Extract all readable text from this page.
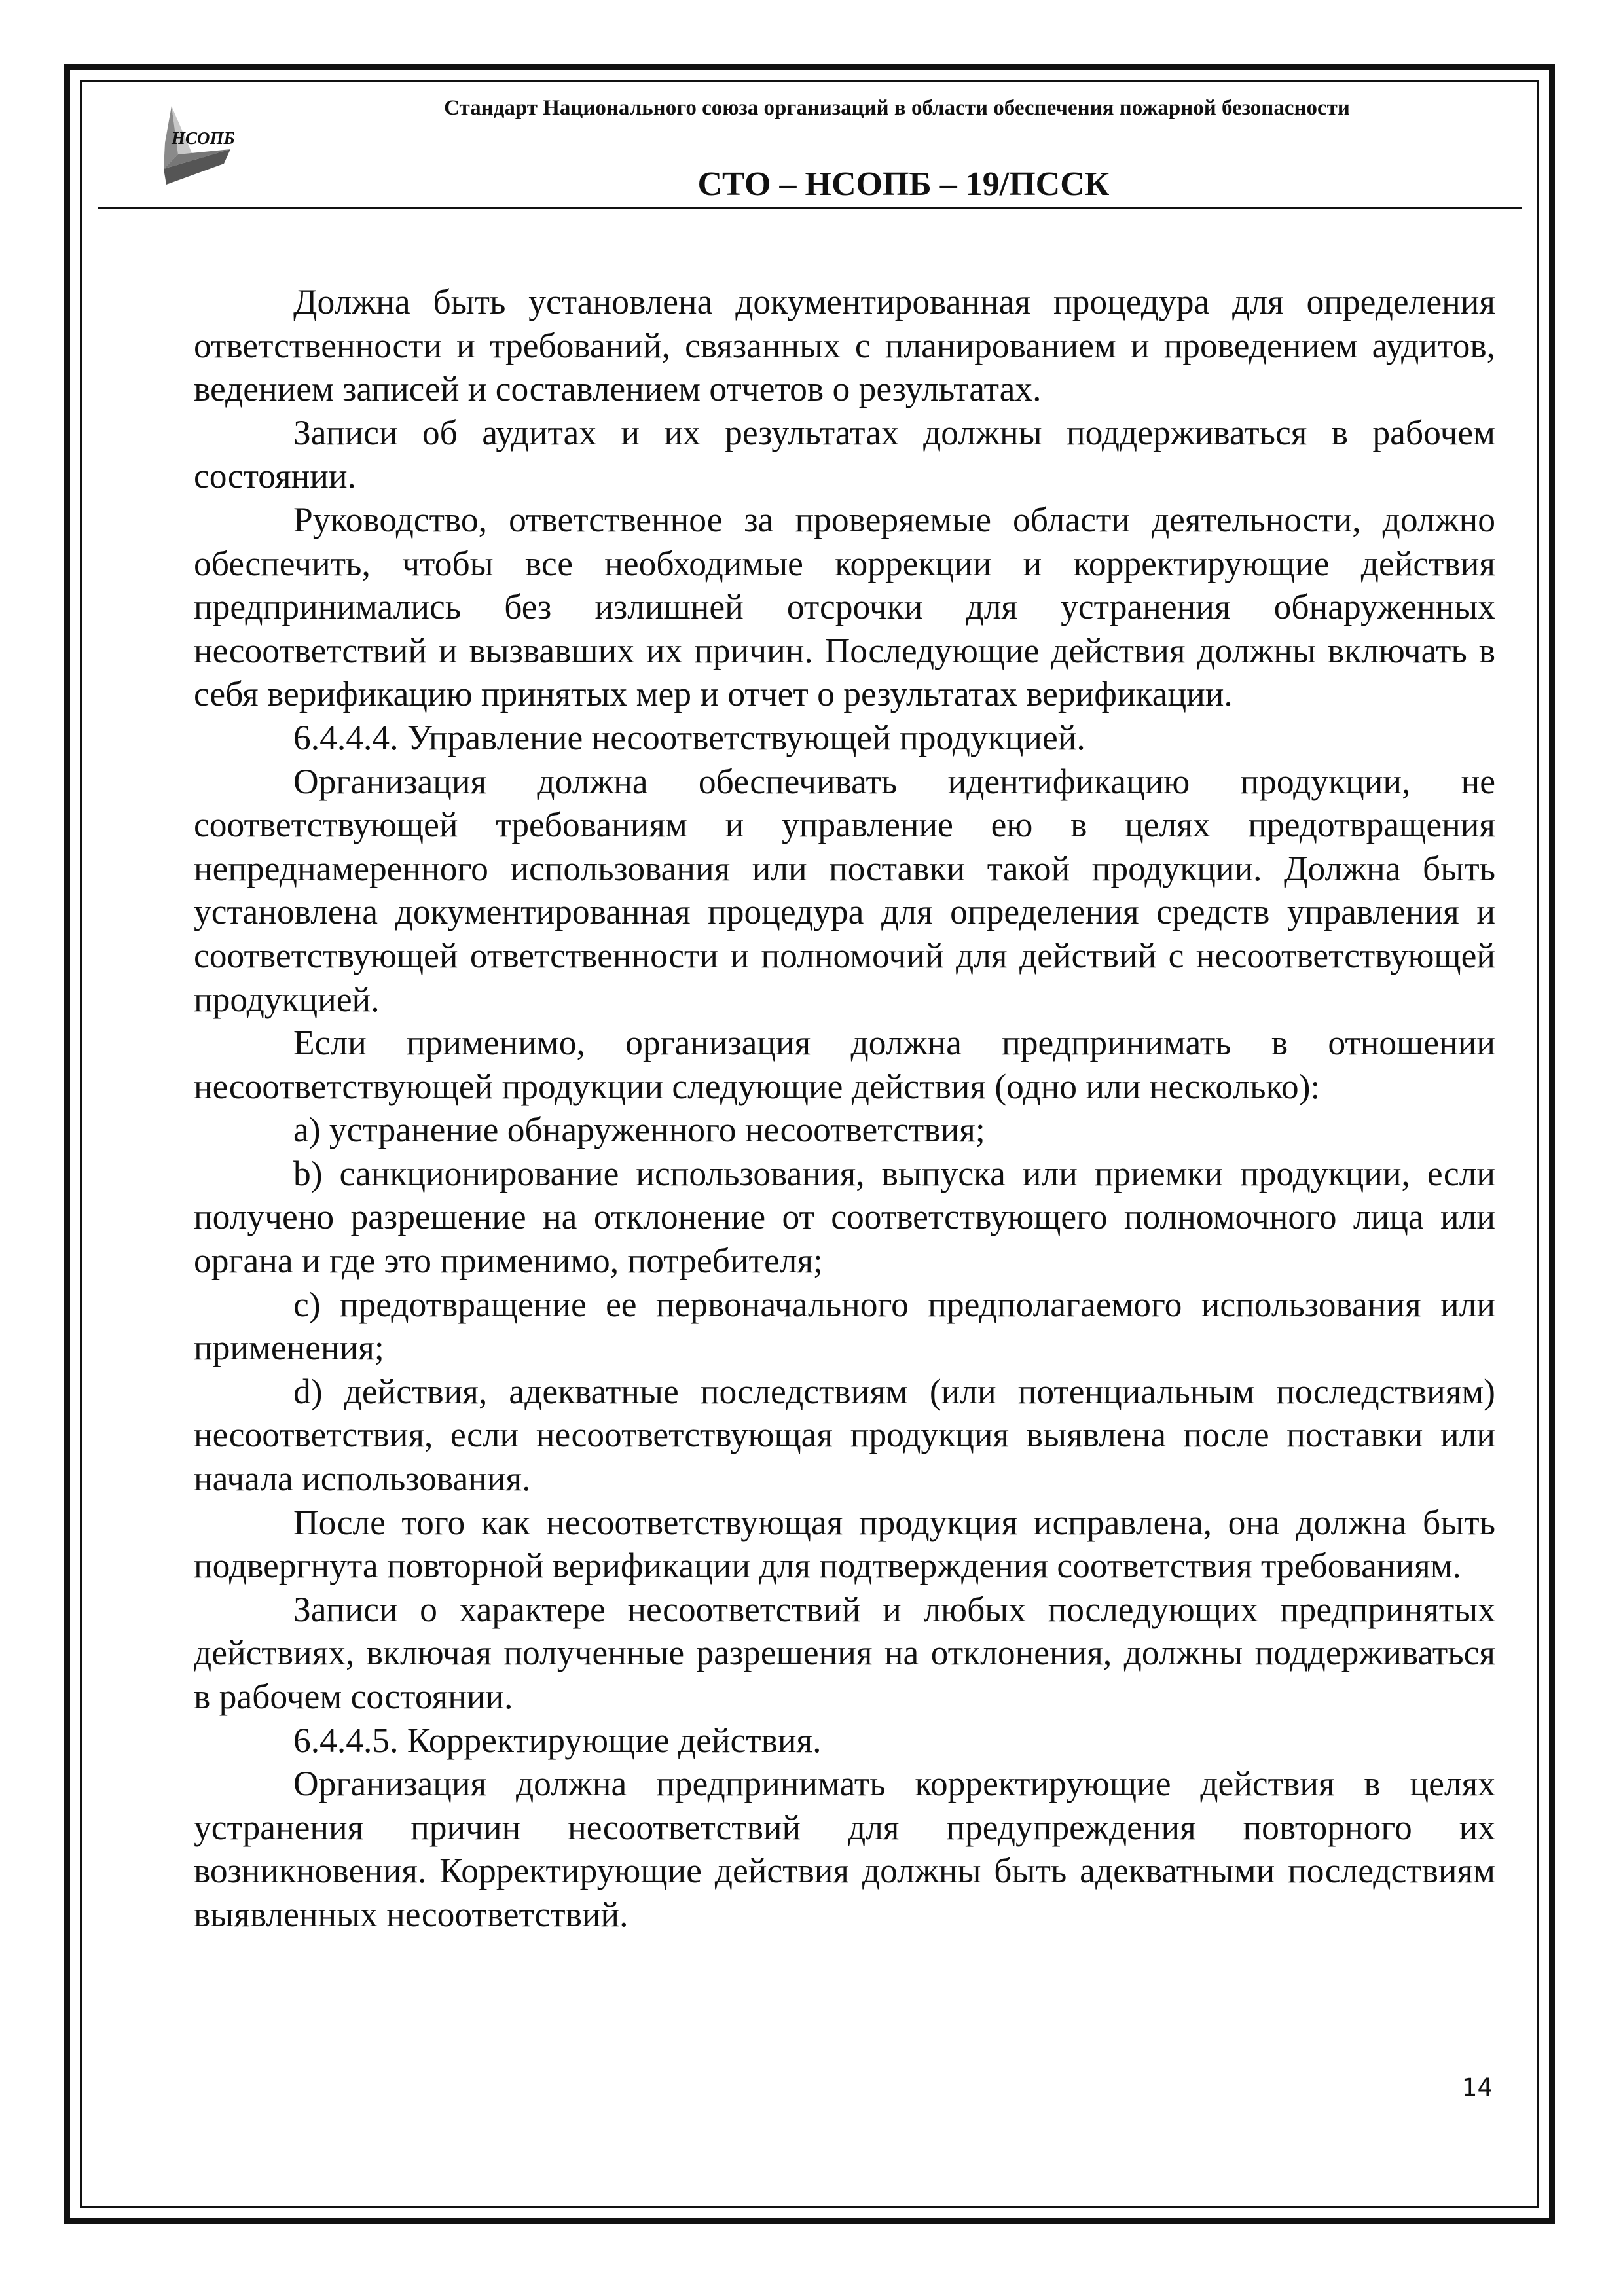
НСОПБ
Стандарт Национального союза организаций в области обеспечения пожарной безопасности
СТО – НСОПБ – 19/ПССК

Должна быть установлена документированная процедура для определения ответственности и требований, связанных с планированием и проведением аудитов, ведением записей и составлением отчетов о результатах.

Записи об аудитах и их результатах должны поддерживаться в рабочем состоянии.

Руководство, ответственное за проверяемые области деятельности, должно обеспечить, чтобы все необходимые коррекции и корректирующие действия предпринимались без излишней отсрочки для устранения обнаруженных несоответствий и вызвавших их причин. Последующие действия должны включать в себя верификацию принятых мер и отчет о результатах верификации.

6.4.4.4. Управление несоответствующей продукцией.

Организация должна обеспечивать идентификацию продукции, не соответствующей требованиям и управление ею в целях предотвращения непреднамеренного использования или поставки такой продукции. Должна быть установлена документированная процедура для определения средств управления и соответствующей ответственности и полномочий для действий с несоответствующей продукцией.

Если применимо, организация должна предпринимать в отношении несоответствующей продукции следующие действия (одно или несколько):

а) устранение обнаруженного несоответствия;

b) санкционирование использования, выпуска или приемки продукции, если получено разрешение на отклонение от соответствующего полномочного лица или органа и где это применимо, потребителя;

с) предотвращение ее первоначального предполагаемого использования или применения;

d) действия, адекватные последствиям (или потенциальным последствиям) несоответствия, если несоответствующая продукция выявлена после поставки или начала использования.

После того как несоответствующая продукция исправлена, она должна быть подвергнута повторной верификации для подтверждения соответствия требованиям.

Записи о характере несоответствий и любых последующих предпринятых действиях, включая полученные разрешения на отклонения, должны поддерживаться в рабочем состоянии.

6.4.4.5. Корректирующие действия.

Организация должна предпринимать корректирующие действия в целях устранения причин несоответствий для предупреждения повторного их возникновения. Корректирующие действия должны быть адекватными последствиям выявленных несоответствий.

14
